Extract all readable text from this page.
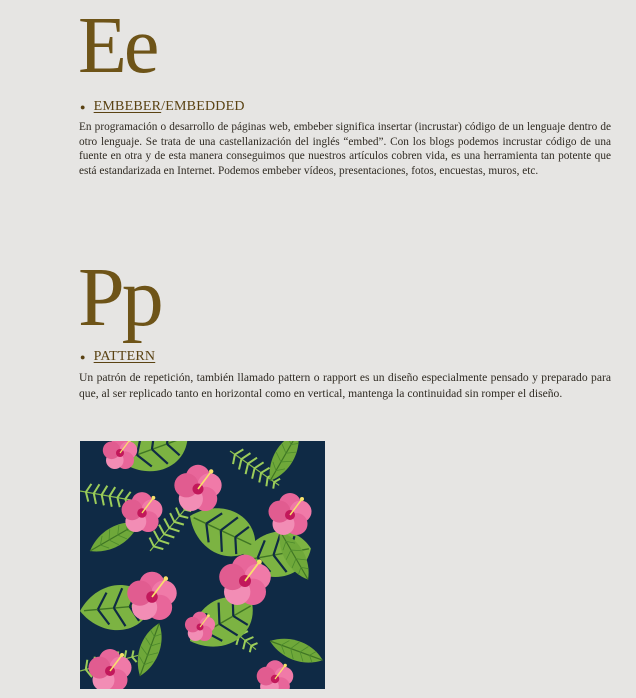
Ee
● EMBEBER /EMBEDDED

En programación o desarrollo de páginas web, embeber significa insertar (incrustar) código de un lenguaje dentro de otro lenguaje. Se trata de una castellanización del inglés “embed”. Con los blogs podemos incrustar código de una fuente en otra y de esta manera conseguimos que nuestros artículos cobren vida, es una herramienta tan potente que está estandarizada en Internet. Podemos embeber vídeos, presentaciones, fotos, encuestas, muros, etc.

Pp
● PATTERN

Un patrón de repetición, también llamado pattern o rapport es un diseño especialmente pensado y preparado para que, al ser replicado tanto en horizontal como en vertical, mantenga la continuidad sin romper el diseño.
